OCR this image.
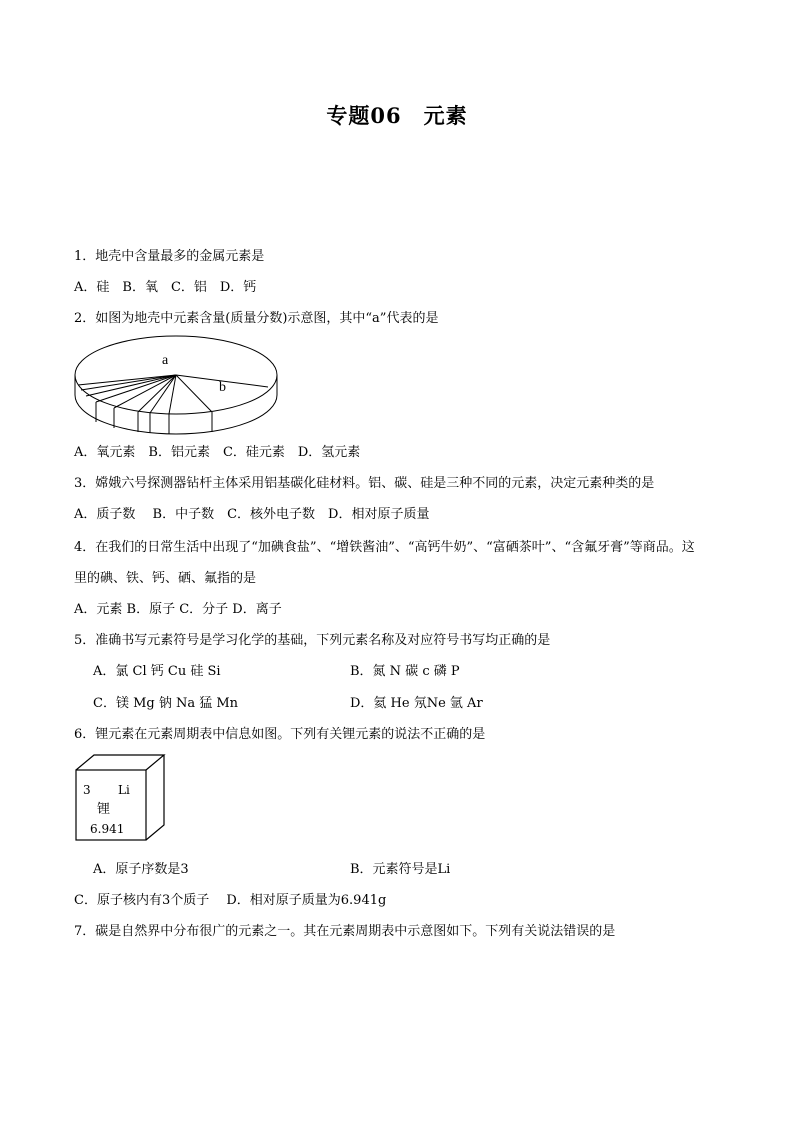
专题06　元素
1．地壳中含量最多的金属元素是
A．硅　B．氧　C．铝　D．钙
2．如图为地壳中元素含量(质量分数)示意图，其中“a”代表的是
a
b
A．氧元素　B．铝元素　C．硅元素　D．氢元素
3．嫦娥六号探测器钻杆主体采用铝基碳化硅材料。铝、碳、硅是三种不同的元素，决定元素种类的是
A．质子数　 B．中子数　C．核外电子数　D．相对原子质量
4．在我们的日常生活中出现了“加碘食盐”、“增铁酱油”、“高钙牛奶”、“富硒茶叶”、“含氟牙膏”等商品。这
里的碘、铁、钙、硒、氟指的是
A．元素 B．原子 C．分子 D．离子
5．准确书写元素符号是学习化学的基础，下列元素名称及对应符号书写均正确的是
A．氯 Cl 钙 Cu 硅 Si	B．氮 N 碳 c 磷 P
C．镁 Mg 钠 Na 猛 Mn	D．氦 He 氖Ne 氩 Ar
6．锂元素在元素周期表中信息如图。下列有关锂元素的说法不正确的是
3 Li
锂
6.941
A．原子序数是3	B．元素符号是Li
C．原子核内有3个质子　 D．相对原子质量为6.941g
7．碳是自然界中分布很广的元素之一。其在元素周期表中示意图如下。下列有关说法错误的是
